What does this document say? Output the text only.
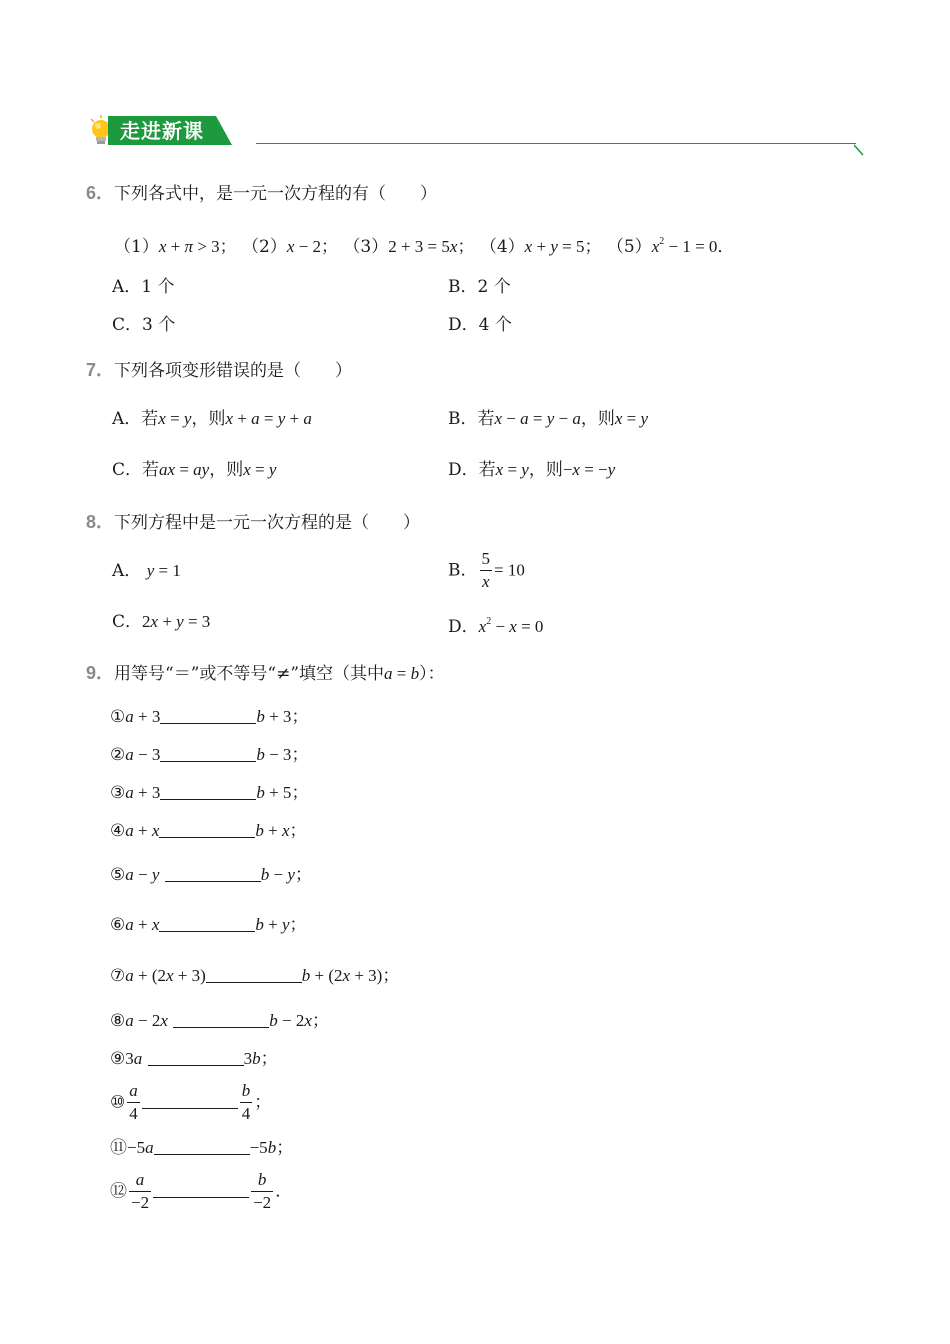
走进新课
6．下列各式中，是一元一次方程的有（　　）
（1）x + π > 3； （2）x − 2； （3）2 + 3 = 5x； （4）x + y = 5； $(5)x^2 - 1 = 0$．
A．1 个	B．2 个
C．3 个	D．4 个
7．下列各项变形错误的是（　　）
A．若x = y，则x + a = y + a	B．若x − a = y − a，则x = y
C．若ax = ay，则x = y	D．若x = y，则−x = −y
8．下列方程中是一元一次方程的是（　　）
A． y = 1	B． $\frac{5}{x} = 10$
C．2x + y = 3	D．$x^2 - x = 0$
9．用等号“＝”或不等号“≠”填空（其中a = b）：
①a + 3	b + 3；
②a − 3	b − 3；
③a + 3	b + 5；
④a + x	b + x；
⑤a − y	b − y；
⑥a + x	b + y；
⑦a + (2x + 3)	b + (2x + 3)；
⑧a − 2x	b − 2x；
⑨3a	3b；
⑩ $\frac{a}{4}$	$\frac{b}{4}$ ；
⑪−5a	−5b；
⑫ $\frac{a}{-2}$	$\frac{b}{-2}$ ．
